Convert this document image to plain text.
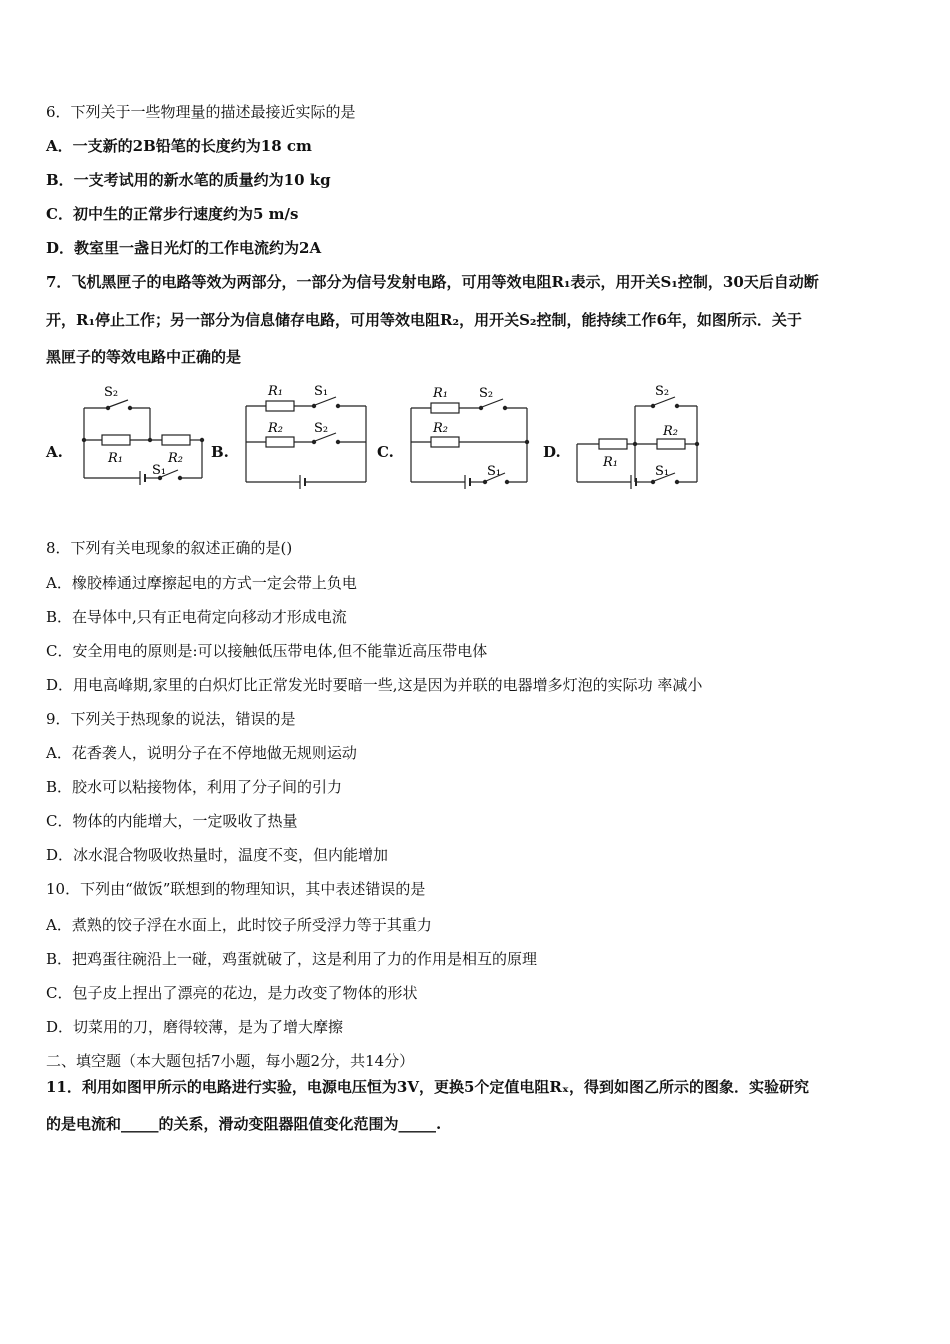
6．下列关于一些物理量的描述最接近实际的是
A．一支新的2B铅笔的长度约为18 cm
B．一支考试用的新水笔的质量约为10 kg
C．初中生的正常步行速度约为5 m/s
D．教室里一盏日光灯的工作电流约为2A
7．飞机黑匣子的电路等效为两部分，一部分为信号发射电路，可用等效电阻R₁表示，用开关S₁控制，30天后自动断
开，R₁停止工作；另一部分为信息储存电路，可用等效电阻R₂，用开关S₂控制，能持续工作6年，如图所示．关于
黑匣子的等效电路中正确的是
A.	B.	C.	D.
S₂
R₁	R₂
S₁
R₁ S₁
R₂ S₂
R₁ S₂
R₂
S₁
S₂
R₂
R₁
S₁
8．下列有关电现象的叙述正确的是()
A．橡胶棒通过摩擦起电的方式一定会带上负电
B．在导体中,只有正电荷定向移动才形成电流
C．安全用电的原则是:可以接触低压带电体,但不能靠近高压带电体
D．用电高峰期,家里的白炽灯比正常发光时要暗一些,这是因为并联的电器增多灯泡的实际功 率减小
9．下列关于热现象的说法，错误的是
A．花香袭人，说明分子在不停地做无规则运动
B．胶水可以粘接物体，利用了分子间的引力
C．物体的内能增大，一定吸收了热量
D．冰水混合物吸收热量时，温度不变，但内能增加
10．下列由“做饭”联想到的物理知识，其中表述错误的是
A．煮熟的饺子浮在水面上，此时饺子所受浮力等于其重力
B．把鸡蛋往碗沿上一碰，鸡蛋就破了，这是利用了力的作用是相互的原理
C．包子皮上捏出了漂亮的花边，是力改变了物体的形状
D．切菜用的刀，磨得较薄，是为了增大摩擦
二、填空题（本大题包括7小题，每小题2分，共14分）
11．利用如图甲所示的电路进行实验，电源电压恒为3V，更换5个定值电阻Rₓ，得到如图乙所示的图象．实验研究
的是电流和_____的关系，滑动变阻器阻值变化范围为_____.
